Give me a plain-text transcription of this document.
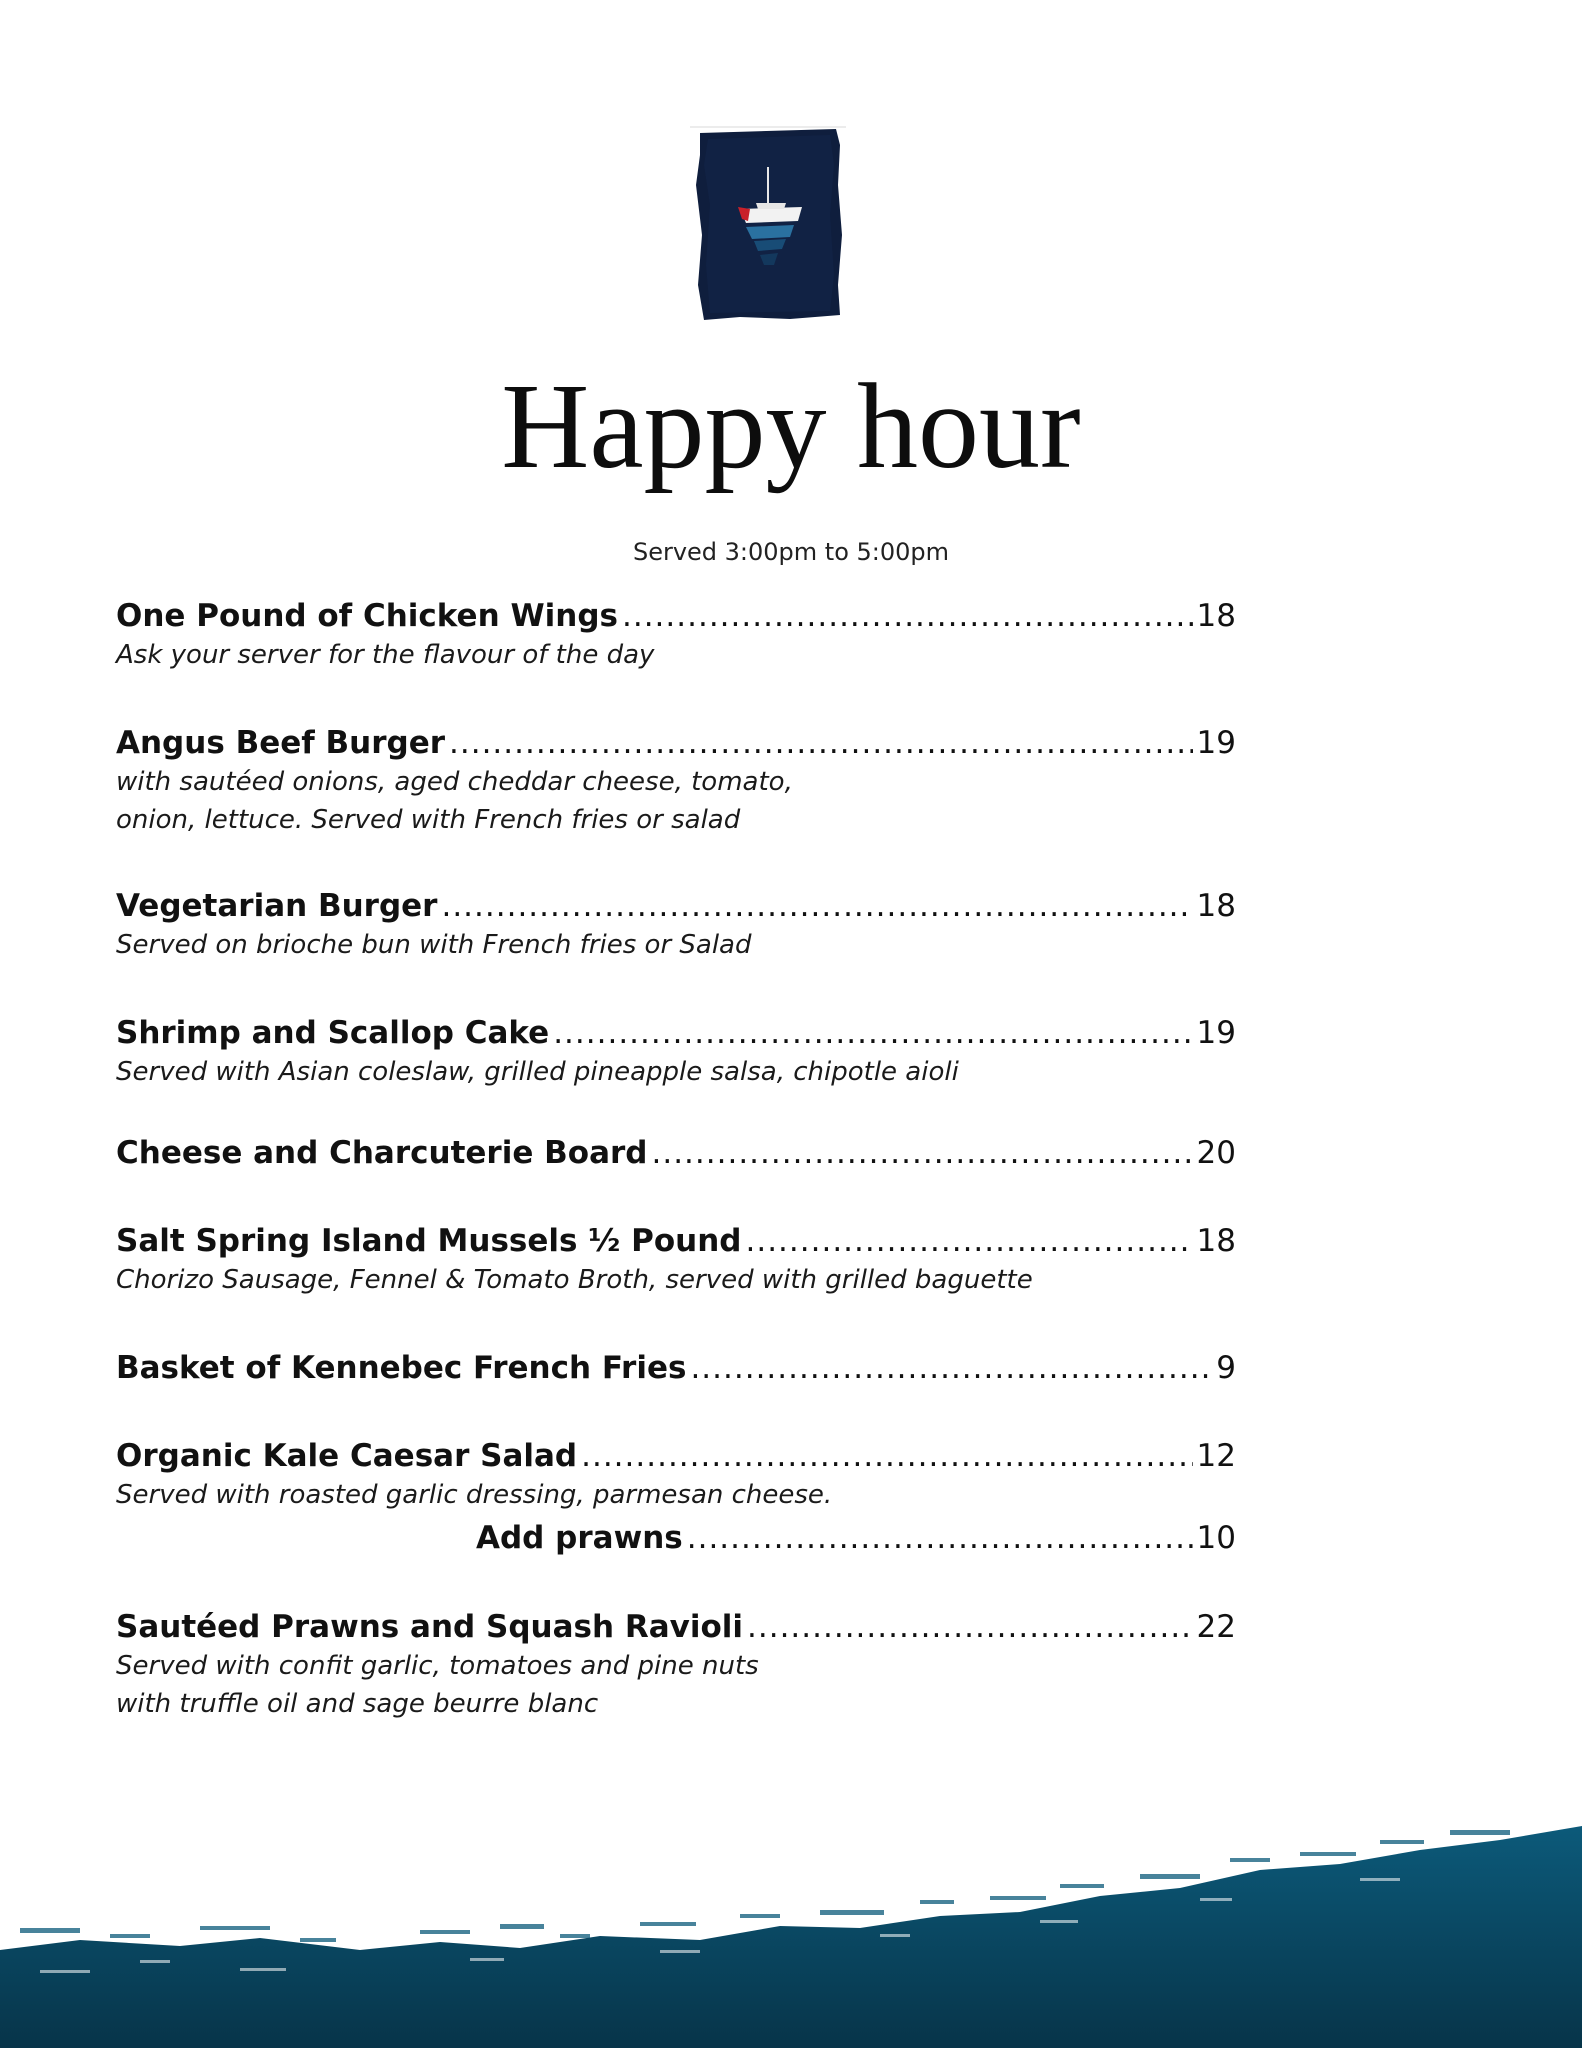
Happy hour
Served 3:00pm to 5:00pm
One Pound of Chicken Wings .....	18
Ask your server for the flavour of the day
Angus Beef Burger .....	19
with sautéed onions, aged cheddar cheese, tomato,
onion, lettuce. Served with French fries or salad
Vegetarian Burger .....	18
Served on brioche bun with French fries or Salad
Shrimp and Scallop Cake .....	19
Served with Asian coleslaw, grilled pineapple salsa, chipotle aioli
Cheese and Charcuterie Board .....	20
Salt Spring Island Mussels ½ Pound .....	18
Chorizo Sausage, Fennel & Tomato Broth, served with grilled baguette
Basket of Kennebec French Fries .....	9
Organic Kale Caesar Salad .....	12
Served with roasted garlic dressing, parmesan cheese.
Add prawns .....	10
Sautéed Prawns and Squash Ravioli .....	22
Served with confit garlic, tomatoes and pine nuts
with truffle oil and sage beurre blanc
